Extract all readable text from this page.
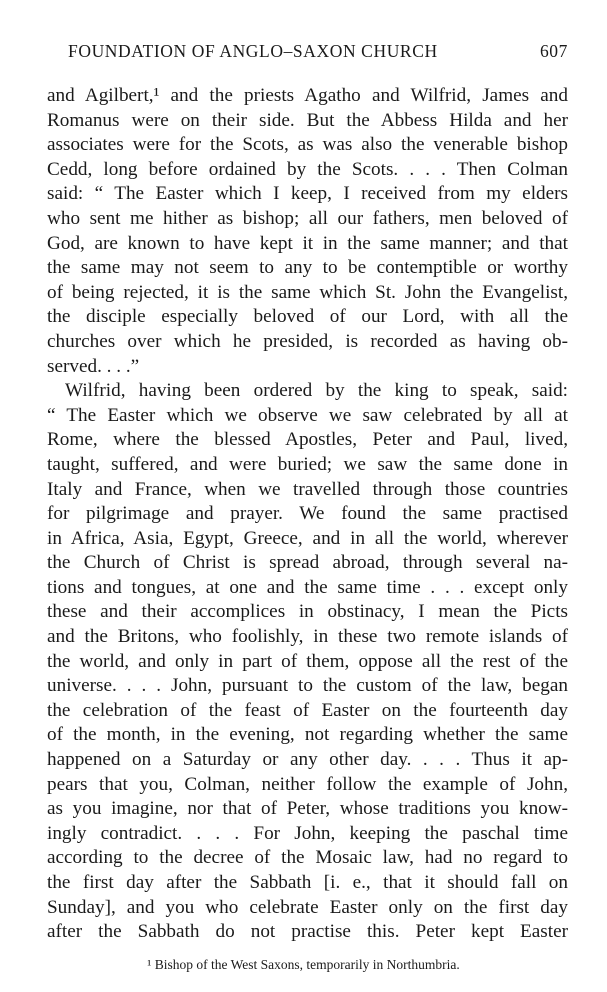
FOUNDATION OF ANGLO–SAXON CHURCH	607
and Agilbert,¹ and the priests Agatho and Wilfrid, James and
Romanus were on their side. But the Abbess Hilda and her
associates were for the Scots, as was also the venerable bishop
Cedd, long before ordained by the Scots. . . . Then Colman
said: “ The Easter which I keep, I received from my elders
who sent me hither as bishop; all our fathers, men beloved of
God, are known to have kept it in the same manner; and that
the same may not seem to any to be contemptible or worthy
of being rejected, it is the same which St. John the Evangelist,
the disciple especially beloved of our Lord, with all the
churches over which he presided, is recorded as having ob-
served. . . .”
Wilfrid, having been ordered by the king to speak, said:
“ The Easter which we observe we saw celebrated by all at
Rome, where the blessed Apostles, Peter and Paul, lived,
taught, suffered, and were buried; we saw the same done in
Italy and France, when we travelled through those countries
for pilgrimage and prayer. We found the same practised
in Africa, Asia, Egypt, Greece, and in all the world, wherever
the Church of Christ is spread abroad, through several na-
tions and tongues, at one and the same time . . . except only
these and their accomplices in obstinacy, I mean the Picts
and the Britons, who foolishly, in these two remote islands of
the world, and only in part of them, oppose all the rest of the
universe. . . . John, pursuant to the custom of the law, began
the celebration of the feast of Easter on the fourteenth day
of the month, in the evening, not regarding whether the same
happened on a Saturday or any other day. . . . Thus it ap-
pears that you, Colman, neither follow the example of John,
as you imagine, nor that of Peter, whose traditions you know-
ingly contradict. . . . For John, keeping the paschal time
according to the decree of the Mosaic law, had no regard to
the first day after the Sabbath [i. e., that it should fall on
Sunday], and you who celebrate Easter only on the first day
after the Sabbath do not practise this. Peter kept Easter
¹ Bishop of the West Saxons, temporarily in Northumbria.
